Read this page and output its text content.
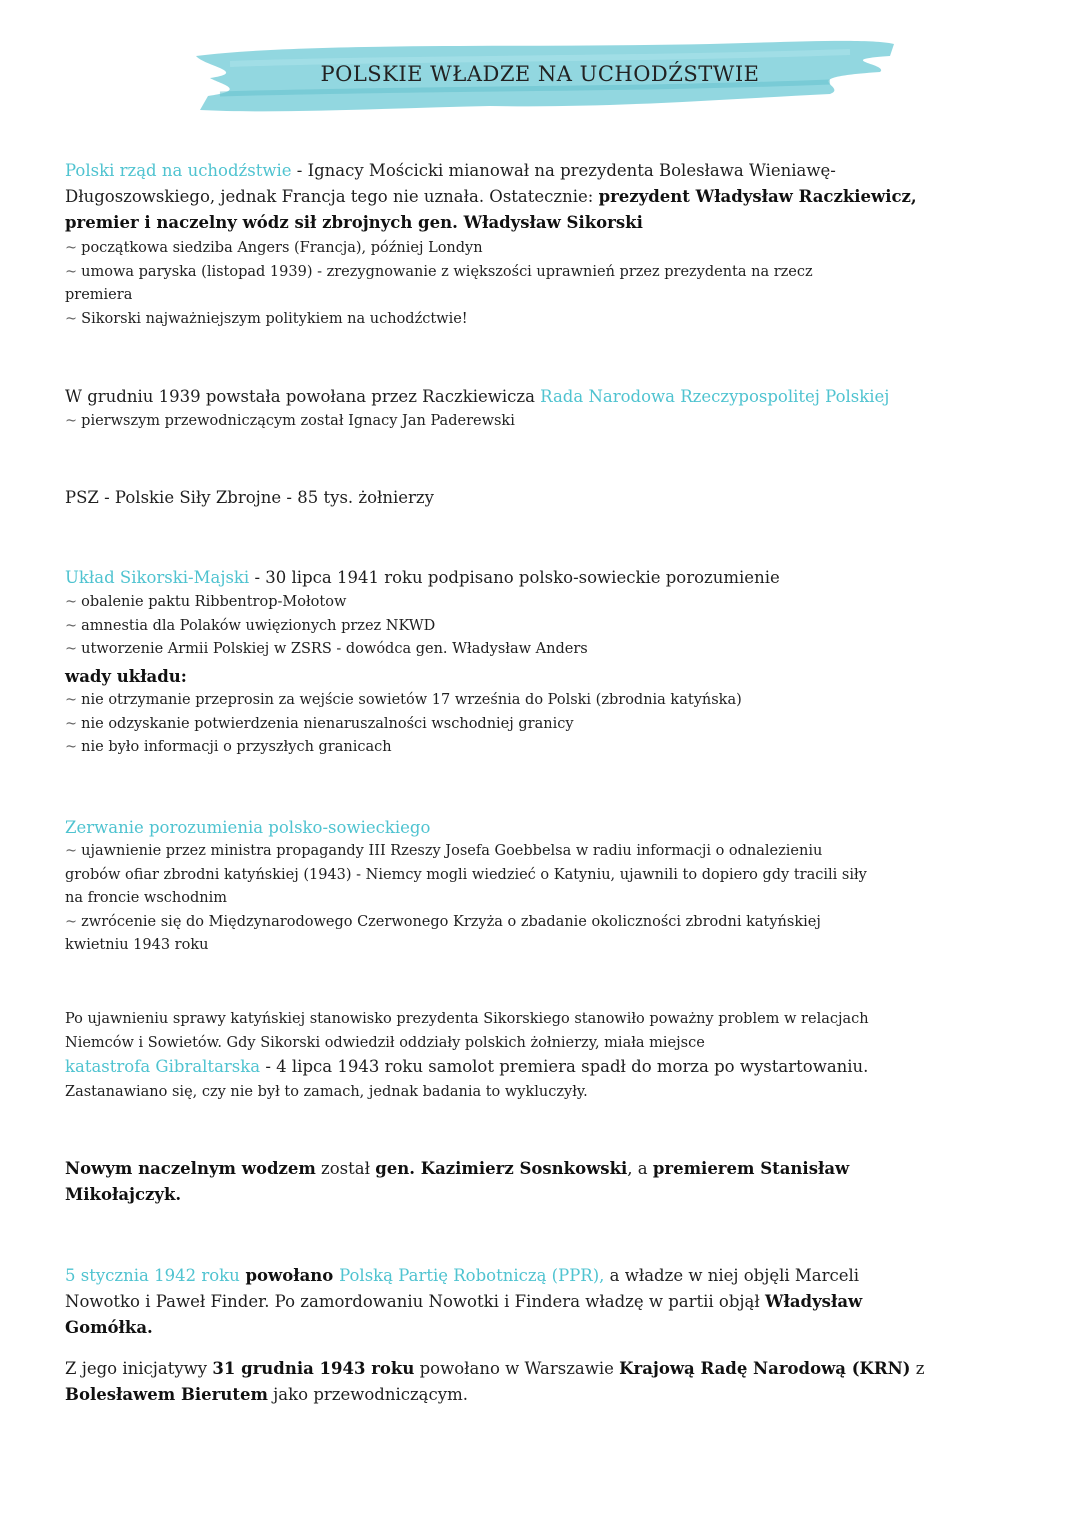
POLSKIE WŁADZE NA UCHODŹSTWIE
Polski rząd na uchodźstwie - Ignacy Mościcki mianował na prezydenta Bolesława Wieniawę-
Długoszowskiego, jednak Francja tego nie uznała. Ostatecznie: prezydent Władysław Raczkiewicz,
premier i naczelny wódz sił zbrojnych gen. Władysław Sikorski
~ początkowa siedziba Angers (Francja), później Londyn
~ umowa paryska (listopad 1939) - zrezygnowanie z większości uprawnień przez prezydenta na rzecz
premiera
~ Sikorski najważniejszym politykiem na uchodźctwie!
W grudniu 1939 powstała powołana przez Raczkiewicza Rada Narodowa Rzeczypospolitej Polskiej
~ pierwszym przewodniczącym został Ignacy Jan Paderewski
PSZ - Polskie Siły Zbrojne - 85 tys. żołnierzy
Układ Sikorski-Majski - 30 lipca 1941 roku podpisano polsko-sowieckie porozumienie
~ obalenie paktu Ribbentrop-Mołotow
~ amnestia dla Polaków uwięzionych przez NKWD
~ utworzenie Armii Polskiej w ZSRS - dowódca gen. Władysław Anders
wady układu:
~ nie otrzymanie przeprosin za wejście sowietów 17 września do Polski (zbrodnia katyńska)
~ nie odzyskanie potwierdzenia nienaruszalności wschodniej granicy
~ nie było informacji o przyszłych granicach
Zerwanie porozumienia polsko-sowieckiego
~ ujawnienie przez ministra propagandy III Rzeszy Josefa Goebbelsa w radiu informacji o odnalezieniu
grobów ofiar zbrodni katyńskiej (1943) - Niemcy mogli wiedzieć o Katyniu, ujawnili to dopiero gdy tracili siły
na froncie wschodnim
~ zwrócenie się do Międzynarodowego Czerwonego Krzyża o zbadanie okoliczności zbrodni katyńskiej
kwietniu 1943 roku
Po ujawnieniu sprawy katyńskiej stanowisko prezydenta Sikorskiego stanowiło poważny problem w relacjach
Niemców i Sowietów. Gdy Sikorski odwiedził oddziały polskich żołnierzy, miała miejsce
katastrofa Gibraltarska - 4 lipca 1943 roku samolot premiera spadł do morza po wystartowaniu.
Zastanawiano się, czy nie był to zamach, jednak badania to wykluczyły.
Nowym naczelnym wodzem został gen. Kazimierz Sosnkowski, a premierem Stanisław
Mikołajczyk.
5 stycznia 1942 roku powołano Polską Partię Robotniczą (PPR), a władze w niej objęli Marceli
Nowotko i Paweł Finder. Po zamordowaniu Nowotki i Findera władzę w partii objął Władysław
Gomółka.
Z jego inicjatywy 31 grudnia 1943 roku powołano w Warszawie Krajową Radę Narodową (KRN) z
Bolesławem Bierutem jako przewodniczącym.
